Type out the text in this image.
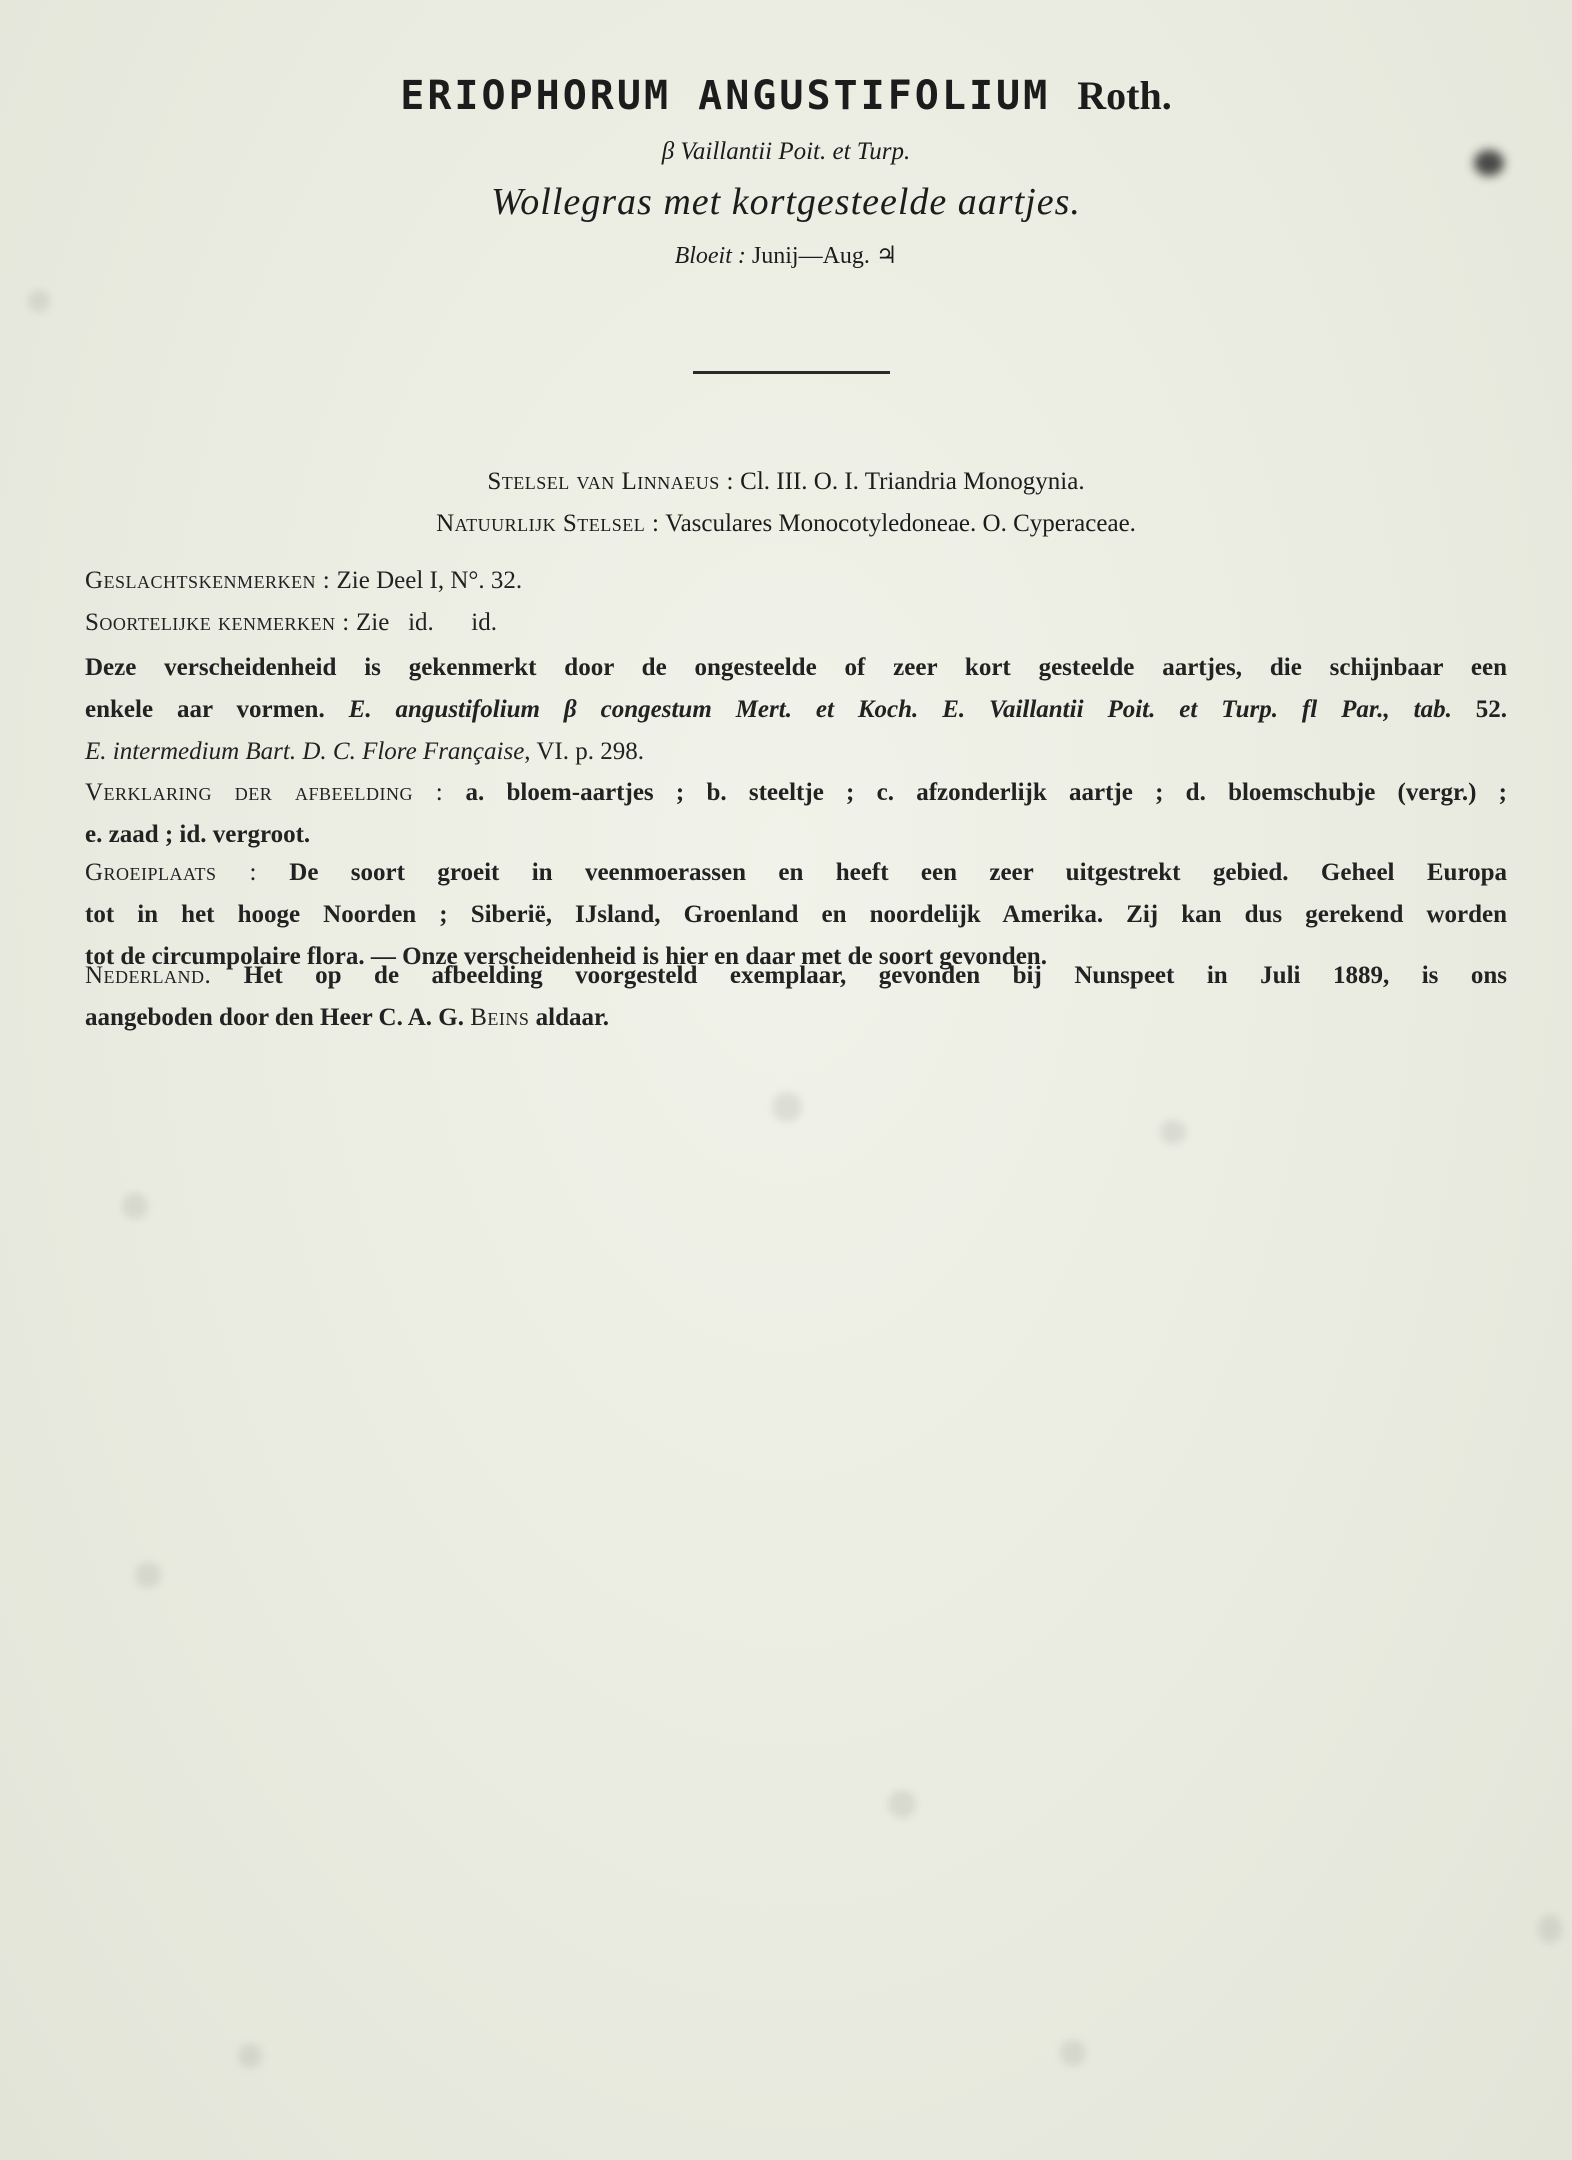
ERIOPHORUM ANGUSTIFOLIUM Roth.
β Vaillantii Poit. et Turp.
Wollegras met kortgesteelde aartjes.
Bloeit : Junij—Aug. ♃
Stelsel van Linnaeus : Cl. III. O. I. Triandria Monogynia.
Natuurlijk Stelsel : Vasculares Monocotyledoneae. O. Cyperaceae.
Geslachtskenmerken : Zie Deel I, N°. 32.
Soortelijke kenmerken : Zie   id.      id.
Deze verscheidenheid is gekenmerkt door de ongesteelde of zeer kort gesteelde aartjes, die schijnbaar een
enkele aar vormen. E. angustifolium β congestum Mert. et Koch. E. Vaillantii Poit. et Turp. fl Par., tab. 52.
E. intermedium Bart. D. C. Flore Française, VI. p. 298.
Verklaring der afbeelding : a. bloem-aartjes ; b. steeltje ; c. afzonderlijk aartje ; d. bloemschubje (vergr.) ;
e. zaad ; id. vergroot.
Groeiplaats : De soort groeit in veenmoerassen en heeft een zeer uitgestrekt gebied. Geheel Europa
tot in het hooge Noorden ; Siberië, IJsland, Groenland en noordelijk Amerika. Zij kan dus gerekend worden
tot de circumpolaire flora. — Onze verscheidenheid is hier en daar met de soort gevonden.
Nederland. Het op de afbeelding voorgesteld exemplaar, gevonden bij Nunspeet in Juli 1889, is ons
aangeboden door den Heer C. A. G. Beins aldaar.
